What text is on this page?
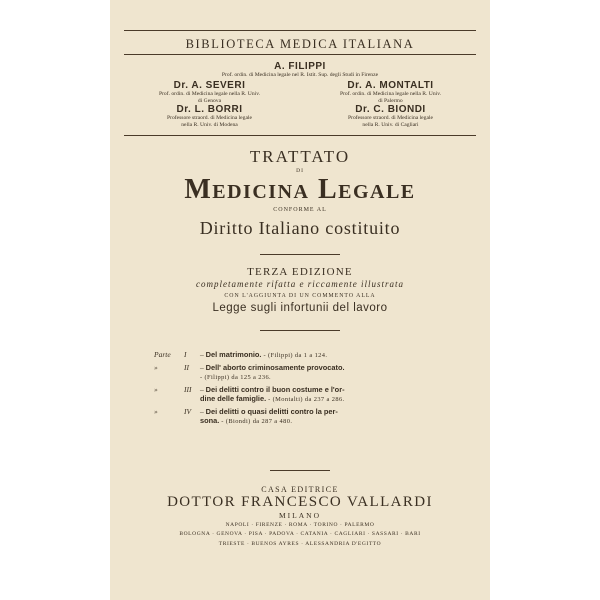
BIBLIOTECA MEDICA ITALIANA
A. FILIPPI
Prof. ordin. di Medicina legale nel R. Istit. Sup. degli Studi in Firenze
Dr. A. SEVERI
Prof. ordin. di Medicina legale nella R. Univ.
di Genova
Dr. A. MONTALTI
Prof. ordin. di Medicina legale nella R. Univ.
di Palermo
Dr. L. BORRI
Professore straord. di Medicina legale
nella R. Univ. di Modena
Dr. C. BIONDI
Professore straord. di Medicina legale
nella R. Univ. di Cagliari
TRATTATO
DI
Medicina Legale
CONFORME AL
Diritto Italiano costituito
TERZA EDIZIONE
completamente rifatta e riccamente illustrata
CON L'AGGIUNTA DI UN COMMENTO ALLA
Legge sugli infortunii del lavoro
Parte I – Del matrimonio. - (Filippi) da 1 a 124.
»	II – Dell' aborto criminosamente provocato.
- (Filippi) da 125 a 236.
»	III – Dei delitti contro il buon costume e l'or-
dine delle famiglie. - (Montalti) da 237 a 286.
»	IV – Dei delitti o quasi delitti contro la per-
sona. - (Biondi) da 287 a 480.
CASA EDITRICE
DOTTOR FRANCESCO VALLARDI
MILANO
NAPOLI · FIRENZE · ROMA · TORINO · PALERMO
BOLOGNA · GENOVA · PISA · PADOVA · CATANIA · CAGLIARI · SASSARI · BARI
TRIESTE · BUENOS AYRES · ALESSANDRIA D'EGITTO
